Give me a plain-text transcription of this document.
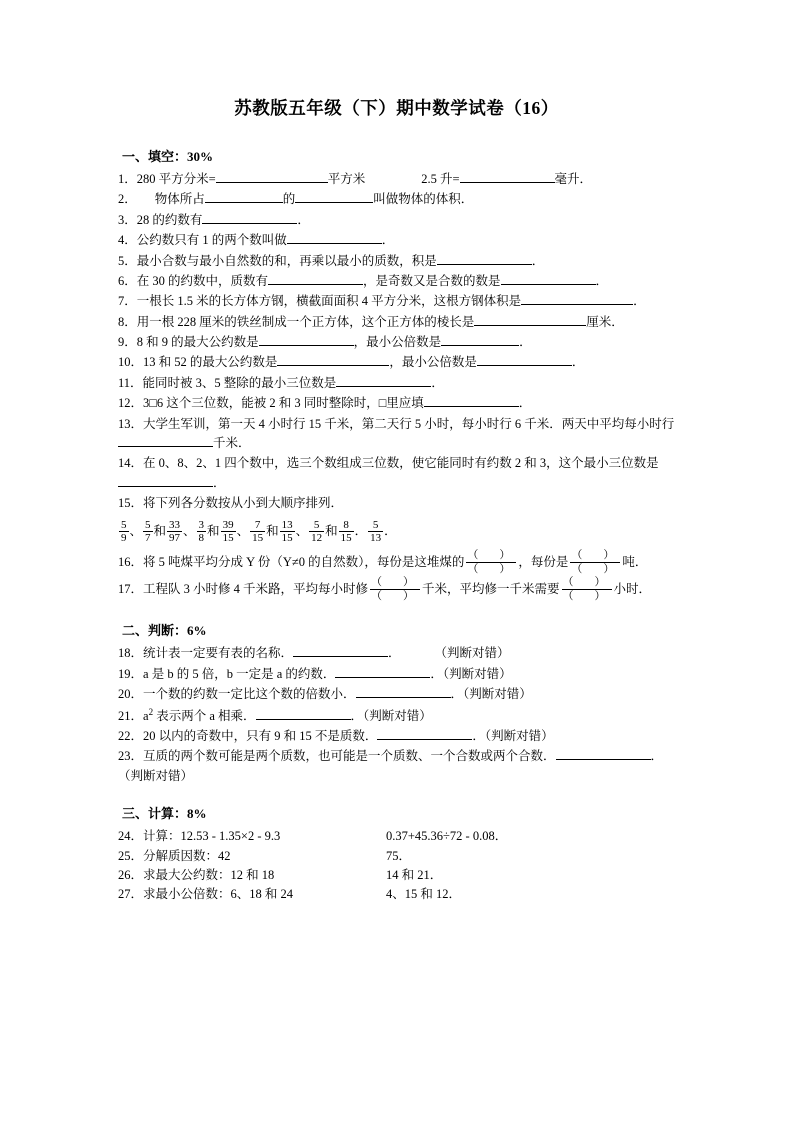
苏教版五年级（下）期中数学试卷（16）
一、填空：30%

1．280 平方分米=	平方米	2.5 升=	毫升．

2． 物体所占	的	叫做物体的体积．

3．28 的约数有	．

4．公约数只有 1 的两个数叫做	．

5．最小合数与最小自然数的和，再乘以最小的质数，积是	．

6．在 30 的约数中，质数有	，是奇数又是合数的数是	．

7．一根长 1.5 米的长方体方钢，横截面面积 4 平方分米，这根方钢体积是	．

8．用一根 228 厘米的铁丝制成一个正方体，这个正方体的棱长是	厘米．

9．8 和 9 的最大公约数是	，最小公倍数是	．

10．13 和 52 的最大公约数是	，最小公倍数是	．

11．能同时被 3、5 整除的最小三位数是	．

12．3□6 这个三位数，能被 2 和 3 同时整除时，□里应填	．

13．大学生军训，第一天 4 小时行 15 千米，第二天行 5 小时，每小时行 6 千米．两天中平均每小时行千米．

14．在 0、8、2、1 四个数中，选三个数组成三位数，使它能同时有约数 2 和 3，这个最小三位数是．

15．将下列各分数按从小到大顺序排列．

$\frac{5}{9}$ 、 $\frac{5}{7}$ 和 $\frac{33}{97}$ 、 $\frac{3}{8}$ 和 $\frac{39}{15}$ 、 $\frac{7}{15}$ 和 $\frac{13}{15}$ 、 $\frac{5}{12}$ 和 $\frac{8}{15}$ ． $\frac{5}{13}$ ．

16．将 5 吨煤平均分成 Y 份（Y≠0 的自然数），每份是这堆煤的 $\frac{( )}{( )}$ ，每份是 $\frac{( )}{( )}$ 吨．

17．工程队 3 小时修 4 千米路，平均每小时修 $\frac{( )}{( )}$ 千米，平均修一千米需要 $\frac{( )}{( )}$ 小时．

二、判断：6%

18．统计表一定要有表的名称．	．	（判断对错）

19．a 是 b 的 5 倍，b 一定是 a 的约数．	．（判断对错）

20．一个数的约数一定比这个数的倍数小．	．（判断对错）

21．$a^2$ 表示两个 a 相乘．	．（判断对错）

22．20 以内的奇数中，只有 9 和 15 不是质数．	．（判断对错）

23．互质的两个数可能是两个质数，也可能是一个质数、一个合数或两个合数．	．（判断对错）

三、计算：8%
24．计算：12.53 - 1.35×2 - 9.3	0.37+45.36÷72 - 0.08．
25．分解质因数：42	75．
26．求最大公约数：12 和 18	14 和 21．
27．求最小公倍数：6、18 和 24	4、15 和 12．
